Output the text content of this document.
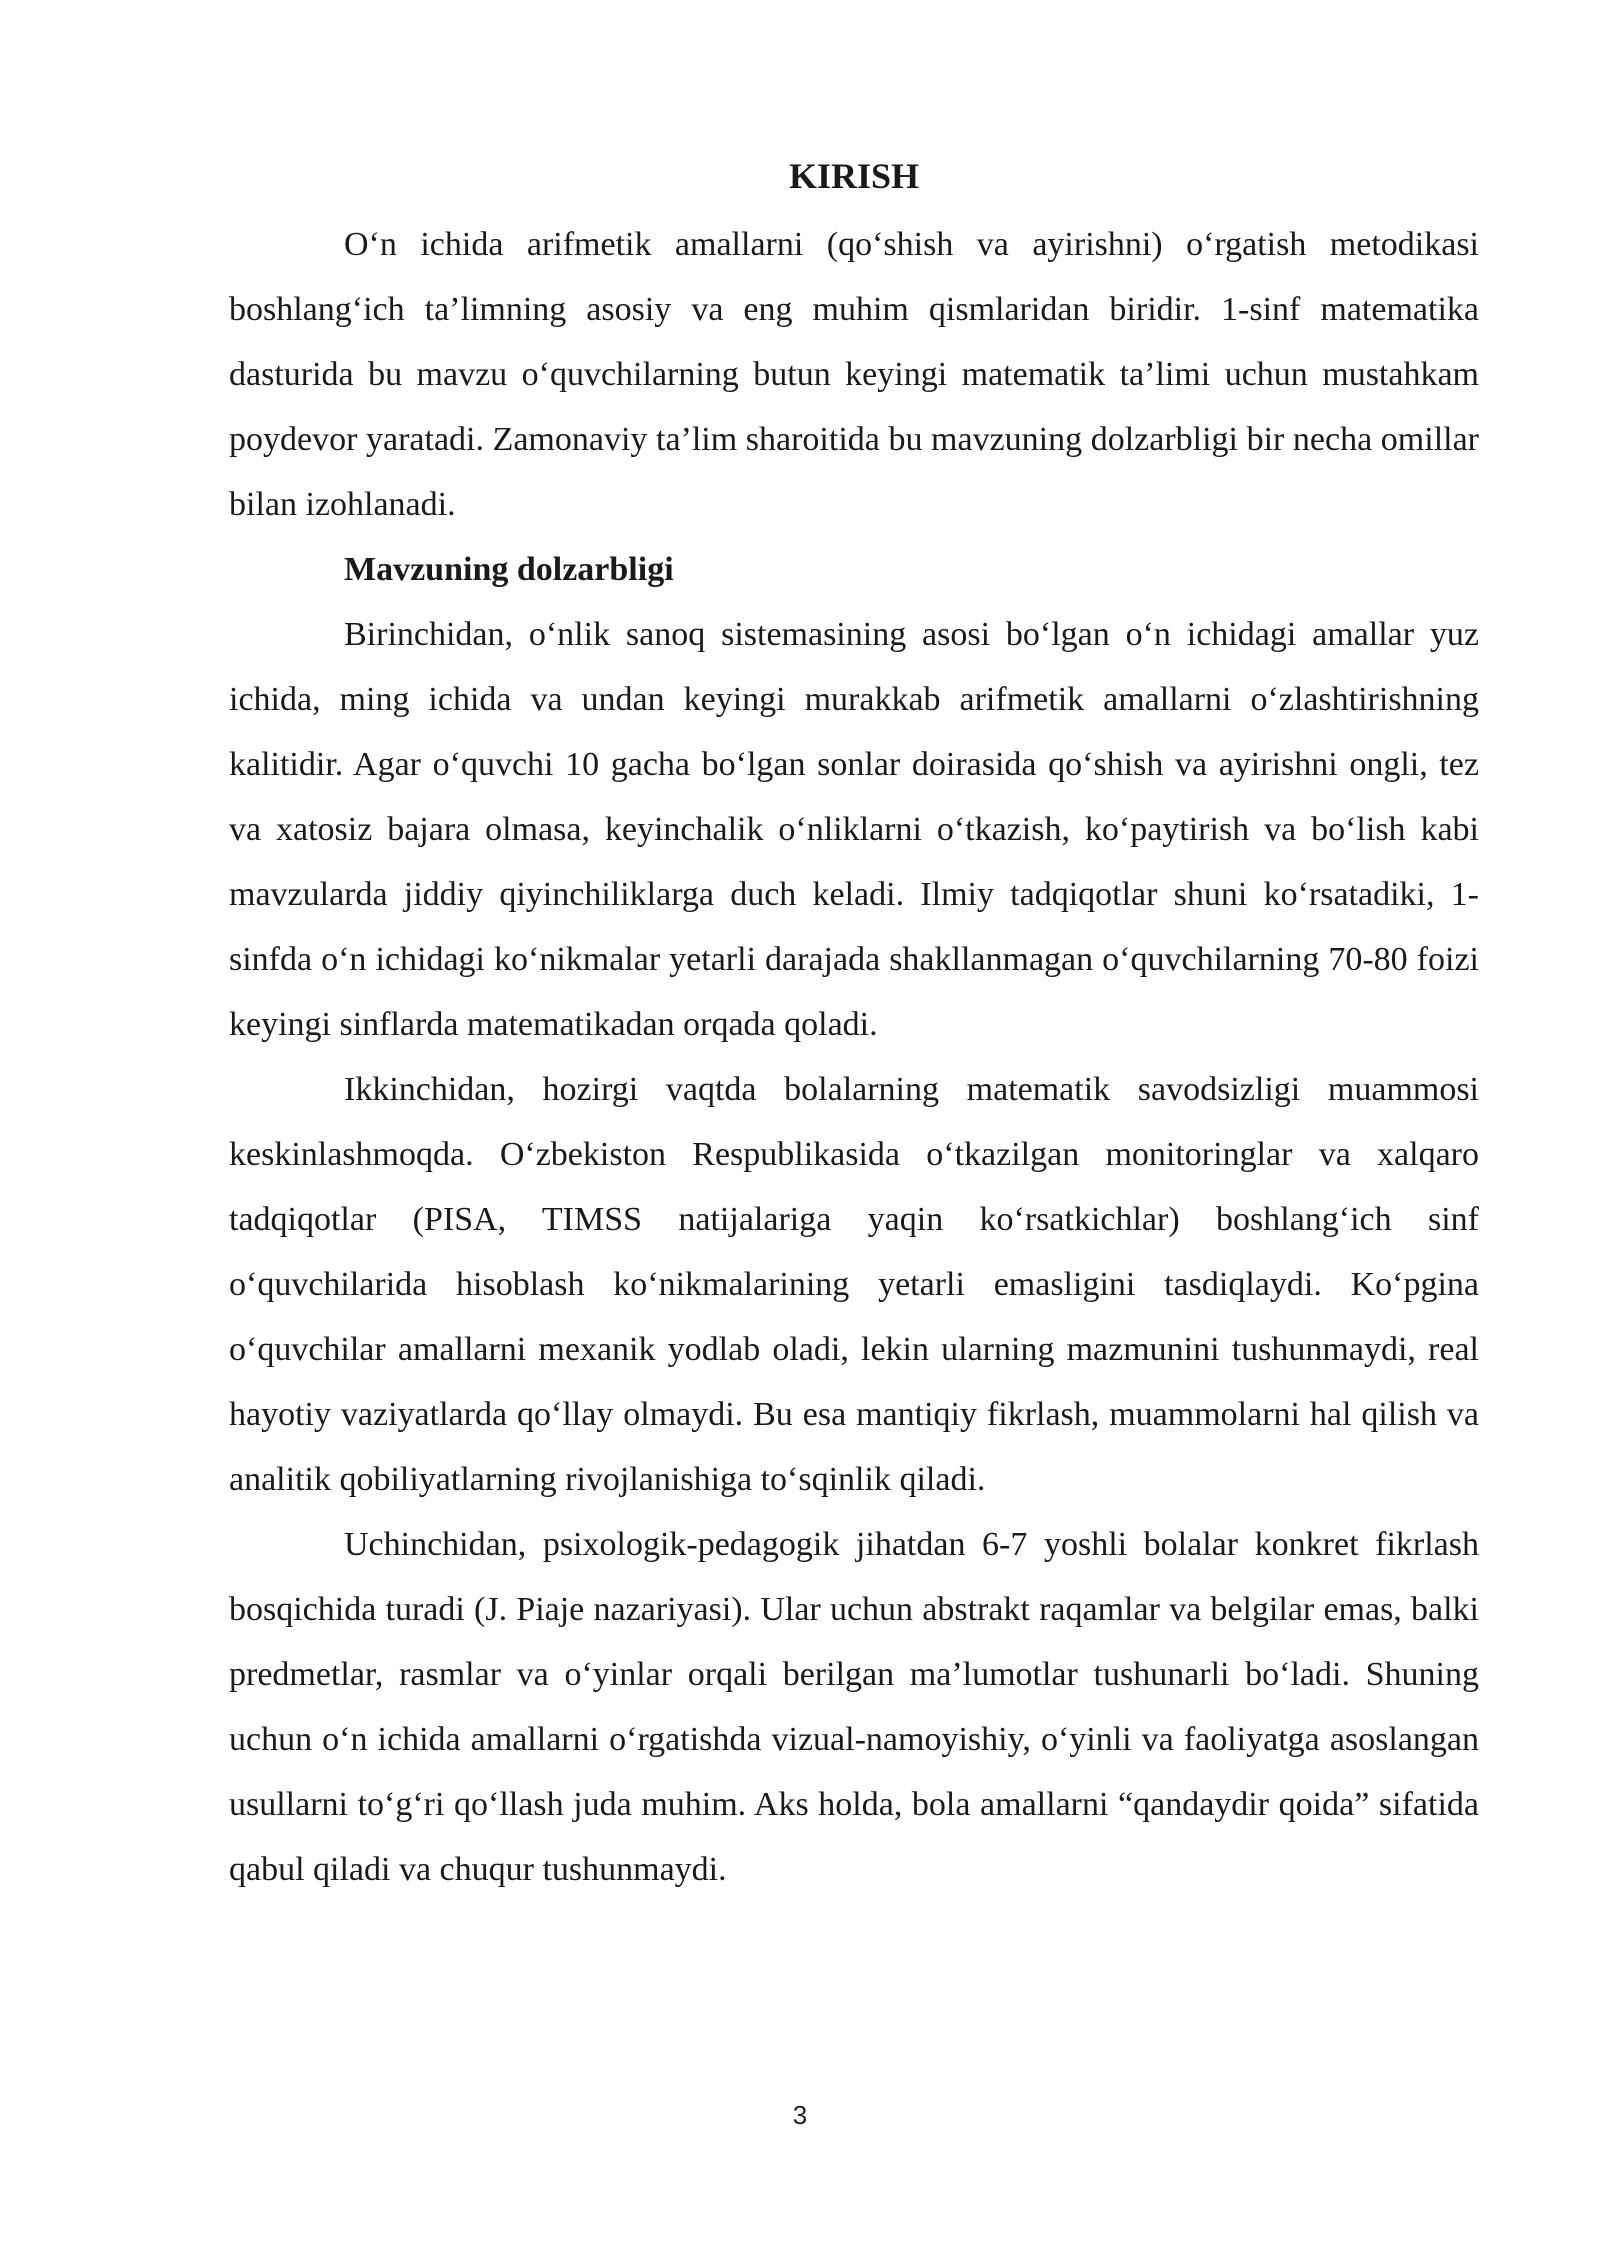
KIRISH

O‘n ichida arifmetik amallarni (qo‘shish va ayirishni) o‘rgatish metodikasi boshlang‘ich ta’limning asosiy va eng muhim qismlaridan biridir. 1-sinf matematika dasturida bu mavzu o‘quvchilarning butun keyingi matematik ta’limi uchun mustahkam poydevor yaratadi. Zamonaviy ta’lim sharoitida bu mavzuning dolzarbligi bir necha omillar bilan izohlanadi.

Mavzuning dolzarbligi

Birinchidan, o‘nlik sanoq sistemasining asosi bo‘lgan o‘n ichidagi amallar yuz ichida, ming ichida va undan keyingi murakkab arifmetik amallarni o‘zlashtirishning kalitidir. Agar o‘quvchi 10 gacha bo‘lgan sonlar doirasida qo‘shish va ayirishni ongli, tez va xatosiz bajara olmasa, keyinchalik o‘nliklarni o‘tkazish, ko‘paytirish va bo‘lish kabi mavzularda jiddiy qiyinchiliklarga duch keladi. Ilmiy tadqiqotlar shuni ko‘rsatadiki, 1-sinfda o‘n ichidagi ko‘nikmalar yetarli darajada shakllanmagan o‘quvchilarning 70-80 foizi keyingi sinflarda matematikadan orqada qoladi.

Ikkinchidan, hozirgi vaqtda bolalarning matematik savodsizligi muammosi keskinlashmoqda. O‘zbekiston Respublikasida o‘tkazilgan monitoringlar va xalqaro tadqiqotlar (PISA, TIMSS natijalariga yaqin ko‘rsatkichlar) boshlang‘ich sinf o‘quvchilarida hisoblash ko‘nikmalarining yetarli emasligini tasdiqlaydi. Ko‘pgina o‘quvchilar amallarni mexanik yodlab oladi, lekin ularning mazmunini tushunmaydi, real hayotiy vaziyatlarda qo‘llay olmaydi. Bu esa mantiqiy fikrlash, muammolarni hal qilish va analitik qobiliyatlarning rivojlanishiga to‘sqinlik qiladi.

Uchinchidan, psixologik-pedagogik jihatdan 6-7 yoshli bolalar konkret fikrlash bosqichida turadi (J. Piaje nazariyasi). Ular uchun abstrakt raqamlar va belgilar emas, balki predmetlar, rasmlar va o‘yinlar orqali berilgan ma’lumotlar tushunarli bo‘ladi. Shuning uchun o‘n ichida amallarni o‘rgatishda vizual-namoyishiy, o‘yinli va faoliyatga asoslangan usullarni to‘g‘ri qo‘llash juda muhim. Aks holda, bola amallarni “qandaydir qoida” sifatida qabul qiladi va chuqur tushunmaydi.

3
